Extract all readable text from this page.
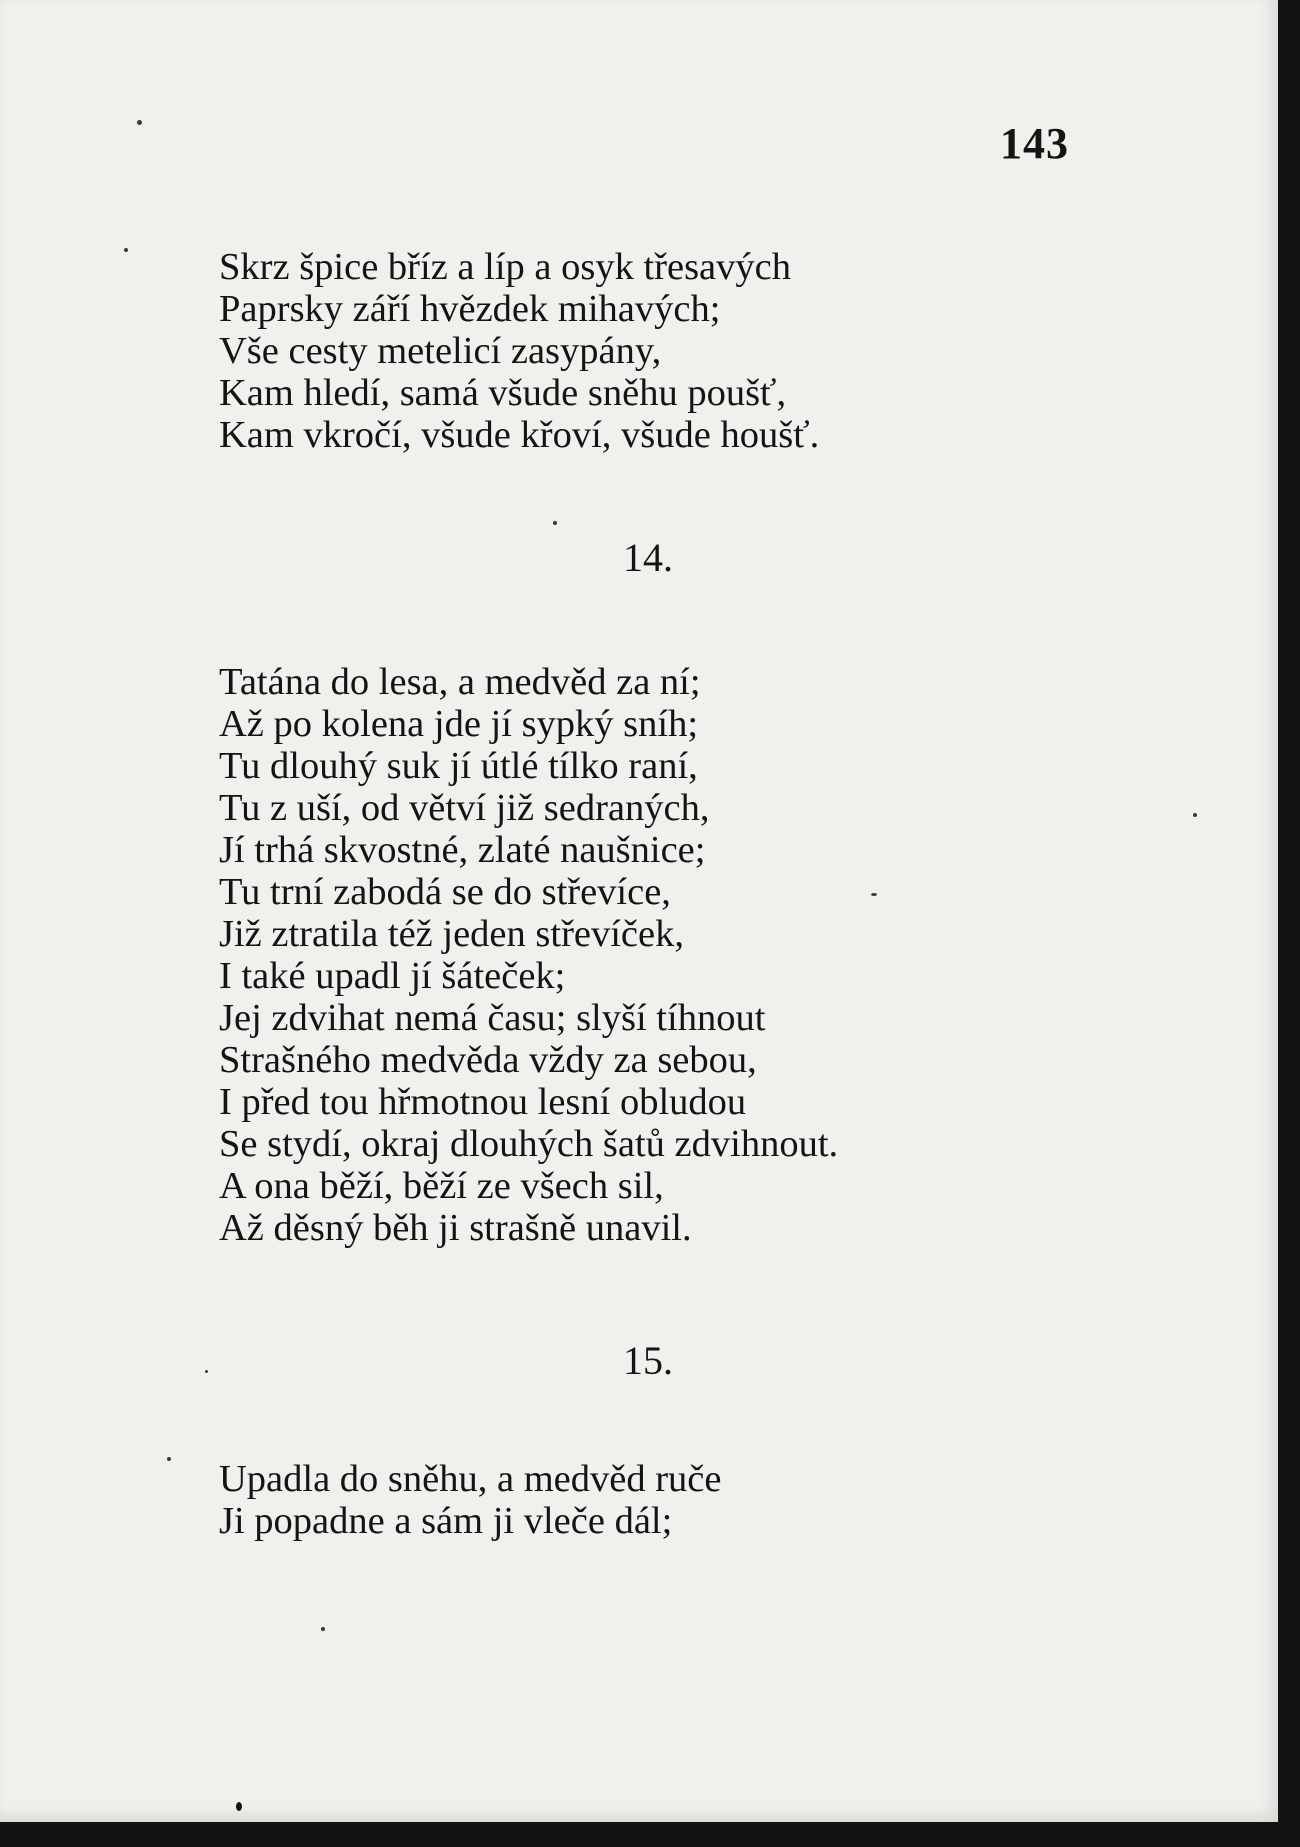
143
Skrz špice bříz a líp a osyk třesavých
Paprsky září hvězdek mihavých;
Vše cesty metelicí zasypány,
Kam hledí, samá všude sněhu poušť,
Kam vkročí, všude křoví, všude houšť.
14.
Tatána do lesa, a medvěd za ní;
Až po kolena jde jí sypký sníh;
Tu dlouhý suk jí útlé tílko raní,
Tu z uší, od větví již sedraných,
Jí trhá skvostné, zlaté naušnice;
Tu trní zabodá se do střevíce,
Již ztratila též jeden střevíček,
I také upadl jí šáteček;
Jej zdvihat nemá času; slyší tíhnout
Strašného medvěda vždy za sebou,
I před tou hřmotnou lesní obludou
Se stydí, okraj dlouhých šatů zdvihnout.
A ona běží, běží ze všech sil,
Až děsný běh ji strašně unavil.
15.
Upadla do sněhu, a medvěd ruče
Ji popadne a sám ji vleče dál;
